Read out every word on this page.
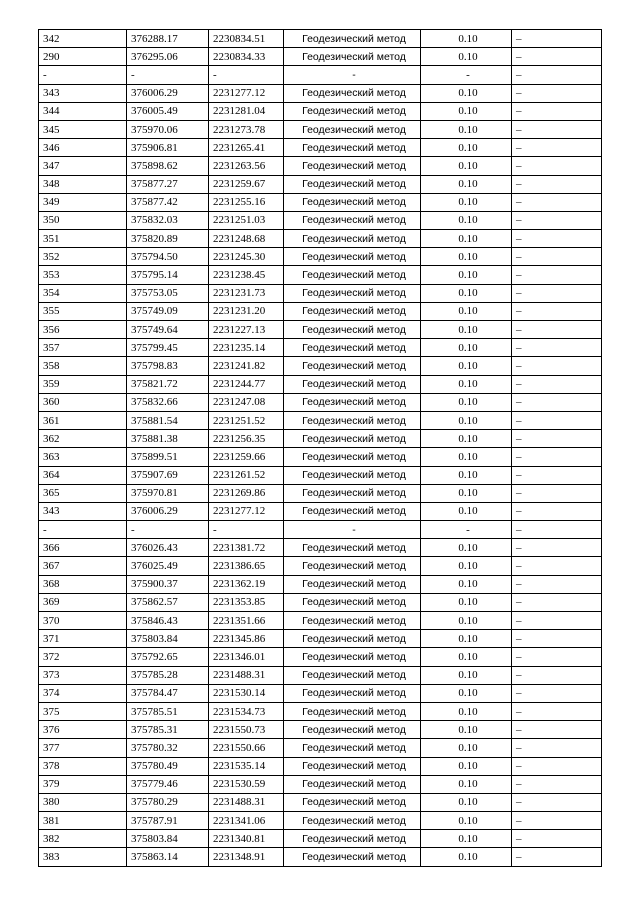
342	376288.17	2230834.51	Геодезический метод	0.10	–
290	376295.06	2230834.33	Геодезический метод	0.10	–
-	-	-	-	-	–
343	376006.29	2231277.12	Геодезический метод	0.10	–
344	376005.49	2231281.04	Геодезический метод	0.10	–
345	375970.06	2231273.78	Геодезический метод	0.10	–
346	375906.81	2231265.41	Геодезический метод	0.10	–
347	375898.62	2231263.56	Геодезический метод	0.10	–
348	375877.27	2231259.67	Геодезический метод	0.10	–
349	375877.42	2231255.16	Геодезический метод	0.10	–
350	375832.03	2231251.03	Геодезический метод	0.10	–
351	375820.89	2231248.68	Геодезический метод	0.10	–
352	375794.50	2231245.30	Геодезический метод	0.10	–
353	375795.14	2231238.45	Геодезический метод	0.10	–
354	375753.05	2231231.73	Геодезический метод	0.10	–
355	375749.09	2231231.20	Геодезический метод	0.10	–
356	375749.64	2231227.13	Геодезический метод	0.10	–
357	375799.45	2231235.14	Геодезический метод	0.10	–
358	375798.83	2231241.82	Геодезический метод	0.10	–
359	375821.72	2231244.77	Геодезический метод	0.10	–
360	375832.66	2231247.08	Геодезический метод	0.10	–
361	375881.54	2231251.52	Геодезический метод	0.10	–
362	375881.38	2231256.35	Геодезический метод	0.10	–
363	375899.51	2231259.66	Геодезический метод	0.10	–
364	375907.69	2231261.52	Геодезический метод	0.10	–
365	375970.81	2231269.86	Геодезический метод	0.10	–
343	376006.29	2231277.12	Геодезический метод	0.10	–
-	-	-	-	-	–
366	376026.43	2231381.72	Геодезический метод	0.10	–
367	376025.49	2231386.65	Геодезический метод	0.10	–
368	375900.37	2231362.19	Геодезический метод	0.10	–
369	375862.57	2231353.85	Геодезический метод	0.10	–
370	375846.43	2231351.66	Геодезический метод	0.10	–
371	375803.84	2231345.86	Геодезический метод	0.10	–
372	375792.65	2231346.01	Геодезический метод	0.10	–
373	375785.28	2231488.31	Геодезический метод	0.10	–
374	375784.47	2231530.14	Геодезический метод	0.10	–
375	375785.51	2231534.73	Геодезический метод	0.10	–
376	375785.31	2231550.73	Геодезический метод	0.10	–
377	375780.32	2231550.66	Геодезический метод	0.10	–
378	375780.49	2231535.14	Геодезический метод	0.10	–
379	375779.46	2231530.59	Геодезический метод	0.10	–
380	375780.29	2231488.31	Геодезический метод	0.10	–
381	375787.91	2231341.06	Геодезический метод	0.10	–
382	375803.84	2231340.81	Геодезический метод	0.10	–
383	375863.14	2231348.91	Геодезический метод	0.10	–
